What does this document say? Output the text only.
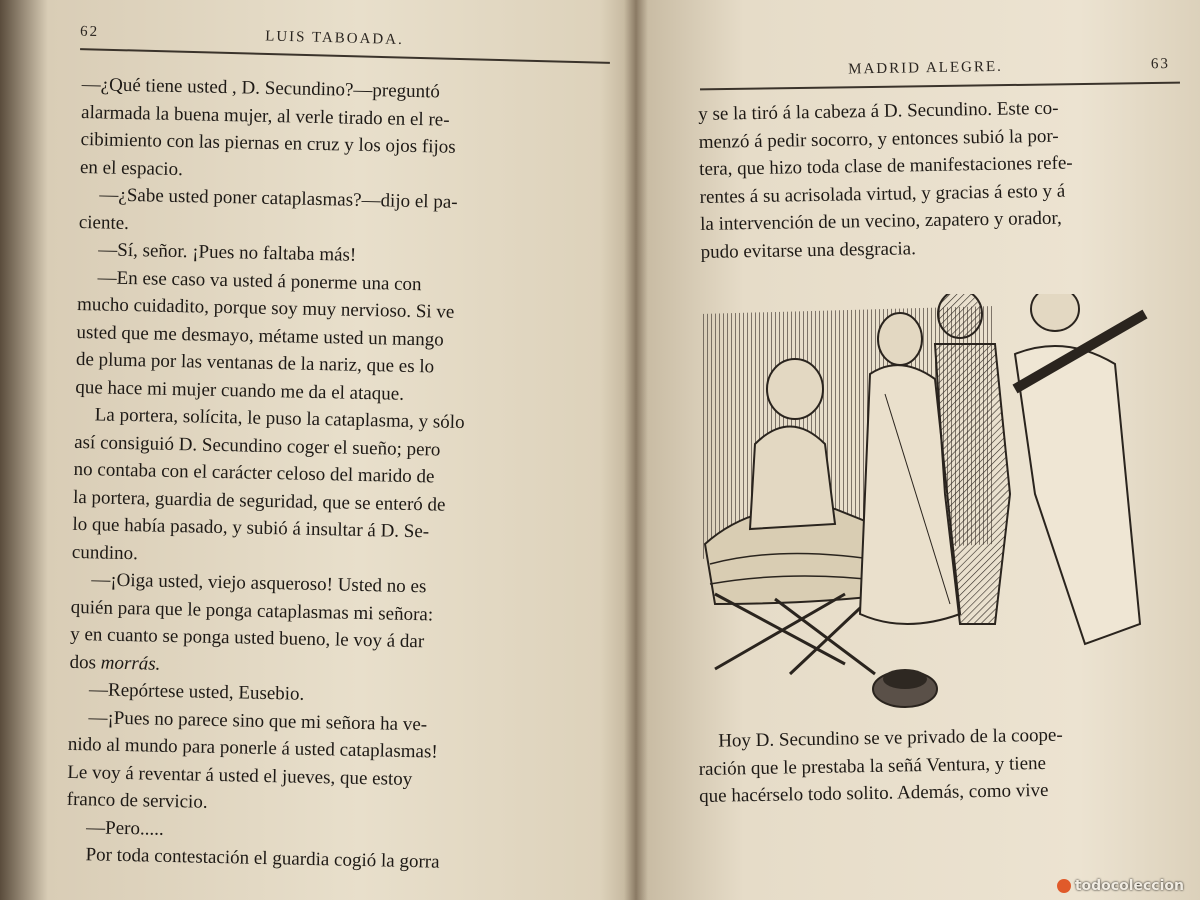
62	LUIS TABOADA.
—¿Qué tiene usted , D. Secundino?—preguntó
alarmada la buena mujer, al verle tirado en el re-
cibimiento con las piernas en cruz y los ojos fijos
en el espacio.
—¿Sabe usted poner cataplasmas?—dijo el pa-
ciente.
—Sí, señor. ¡Pues no faltaba más!
—En ese caso va usted á ponerme una con
mucho cuidadito, porque soy muy nervioso. Si ve
usted que me desmayo, métame usted un mango
de pluma por las ventanas de la nariz, que es lo
que hace mi mujer cuando me da el ataque.
La portera, solícita, le puso la cataplasma, y sólo
así consiguió D. Secundino coger el sueño; pero
no contaba con el carácter celoso del marido de
la portera, guardia de seguridad, que se enteró de
lo que había pasado, y subió á insultar á D. Se-
cundino.
—¡Oiga usted, viejo asqueroso! Usted no es
quién para que le ponga cataplasmas mi señora:
y en cuanto se ponga usted bueno, le voy á dar
dos morrás.
—Repórtese usted, Eusebio.
—¡Pues no parece sino que mi señora ha ve-
nido al mundo para ponerle á usted cataplasmas!
Le voy á reventar á usted el jueves, que estoy
franco de servicio.
—Pero.....
Por toda contestación el guardia cogió la gorra
MADRID ALEGRE.	63
y se la tiró á la cabeza á D. Secundino. Este co-
menzó á pedir socorro, y entonces subió la por-
tera, que hizo toda clase de manifestaciones refe-
rentes á su acrisolada virtud, y gracias á esto y á
la intervención de un vecino, zapatero y orador,
pudo evitarse una desgracia.
Hoy D. Secundino se ve privado de la coope-
ración que le prestaba la señá Ventura, y tiene
que hacérselo todo solito. Además, como vive
todocoleccion
